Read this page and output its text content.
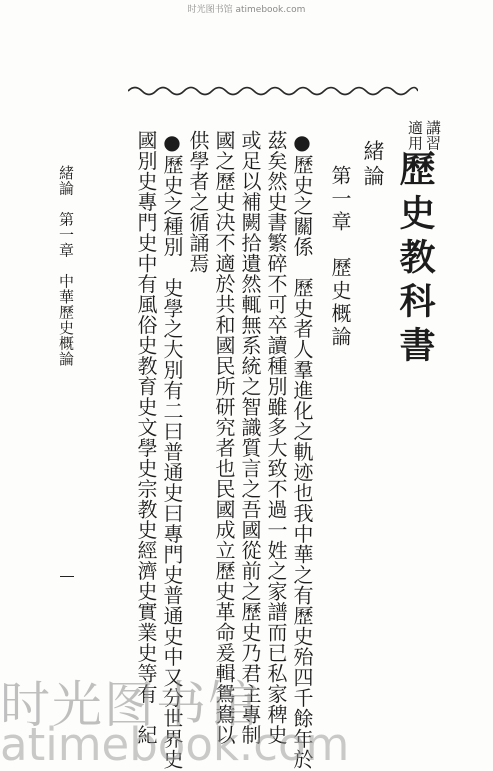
时光图书馆 atimebook.com
講習
適用
歷史教科書
緒論
第一章　歷史概論
●歷史之關係　歷史者人羣進化之軌迹也我中華之有歷史殆四千餘年於
茲矣然史書繁碎不可卒讀種別雖多大致不過一姓之家譜而已私家稗史
或足以補闕拾遺然輒無系統之智識質言之吾國從前之歷史乃君主專制
國之歷史决不適於共和國民所研究者也民國成立歷史革命爰輯鴛鴦以
供學者之循誦焉
●歷史之種別　史學之大別有二曰普通史曰專門史普通史中又分世界史
國別史專門史中有風俗史教育史文學史宗教史經濟史實業史等有　紀
緒論　第一章　中華歷史概論
时光图书馆
atimebook.com
